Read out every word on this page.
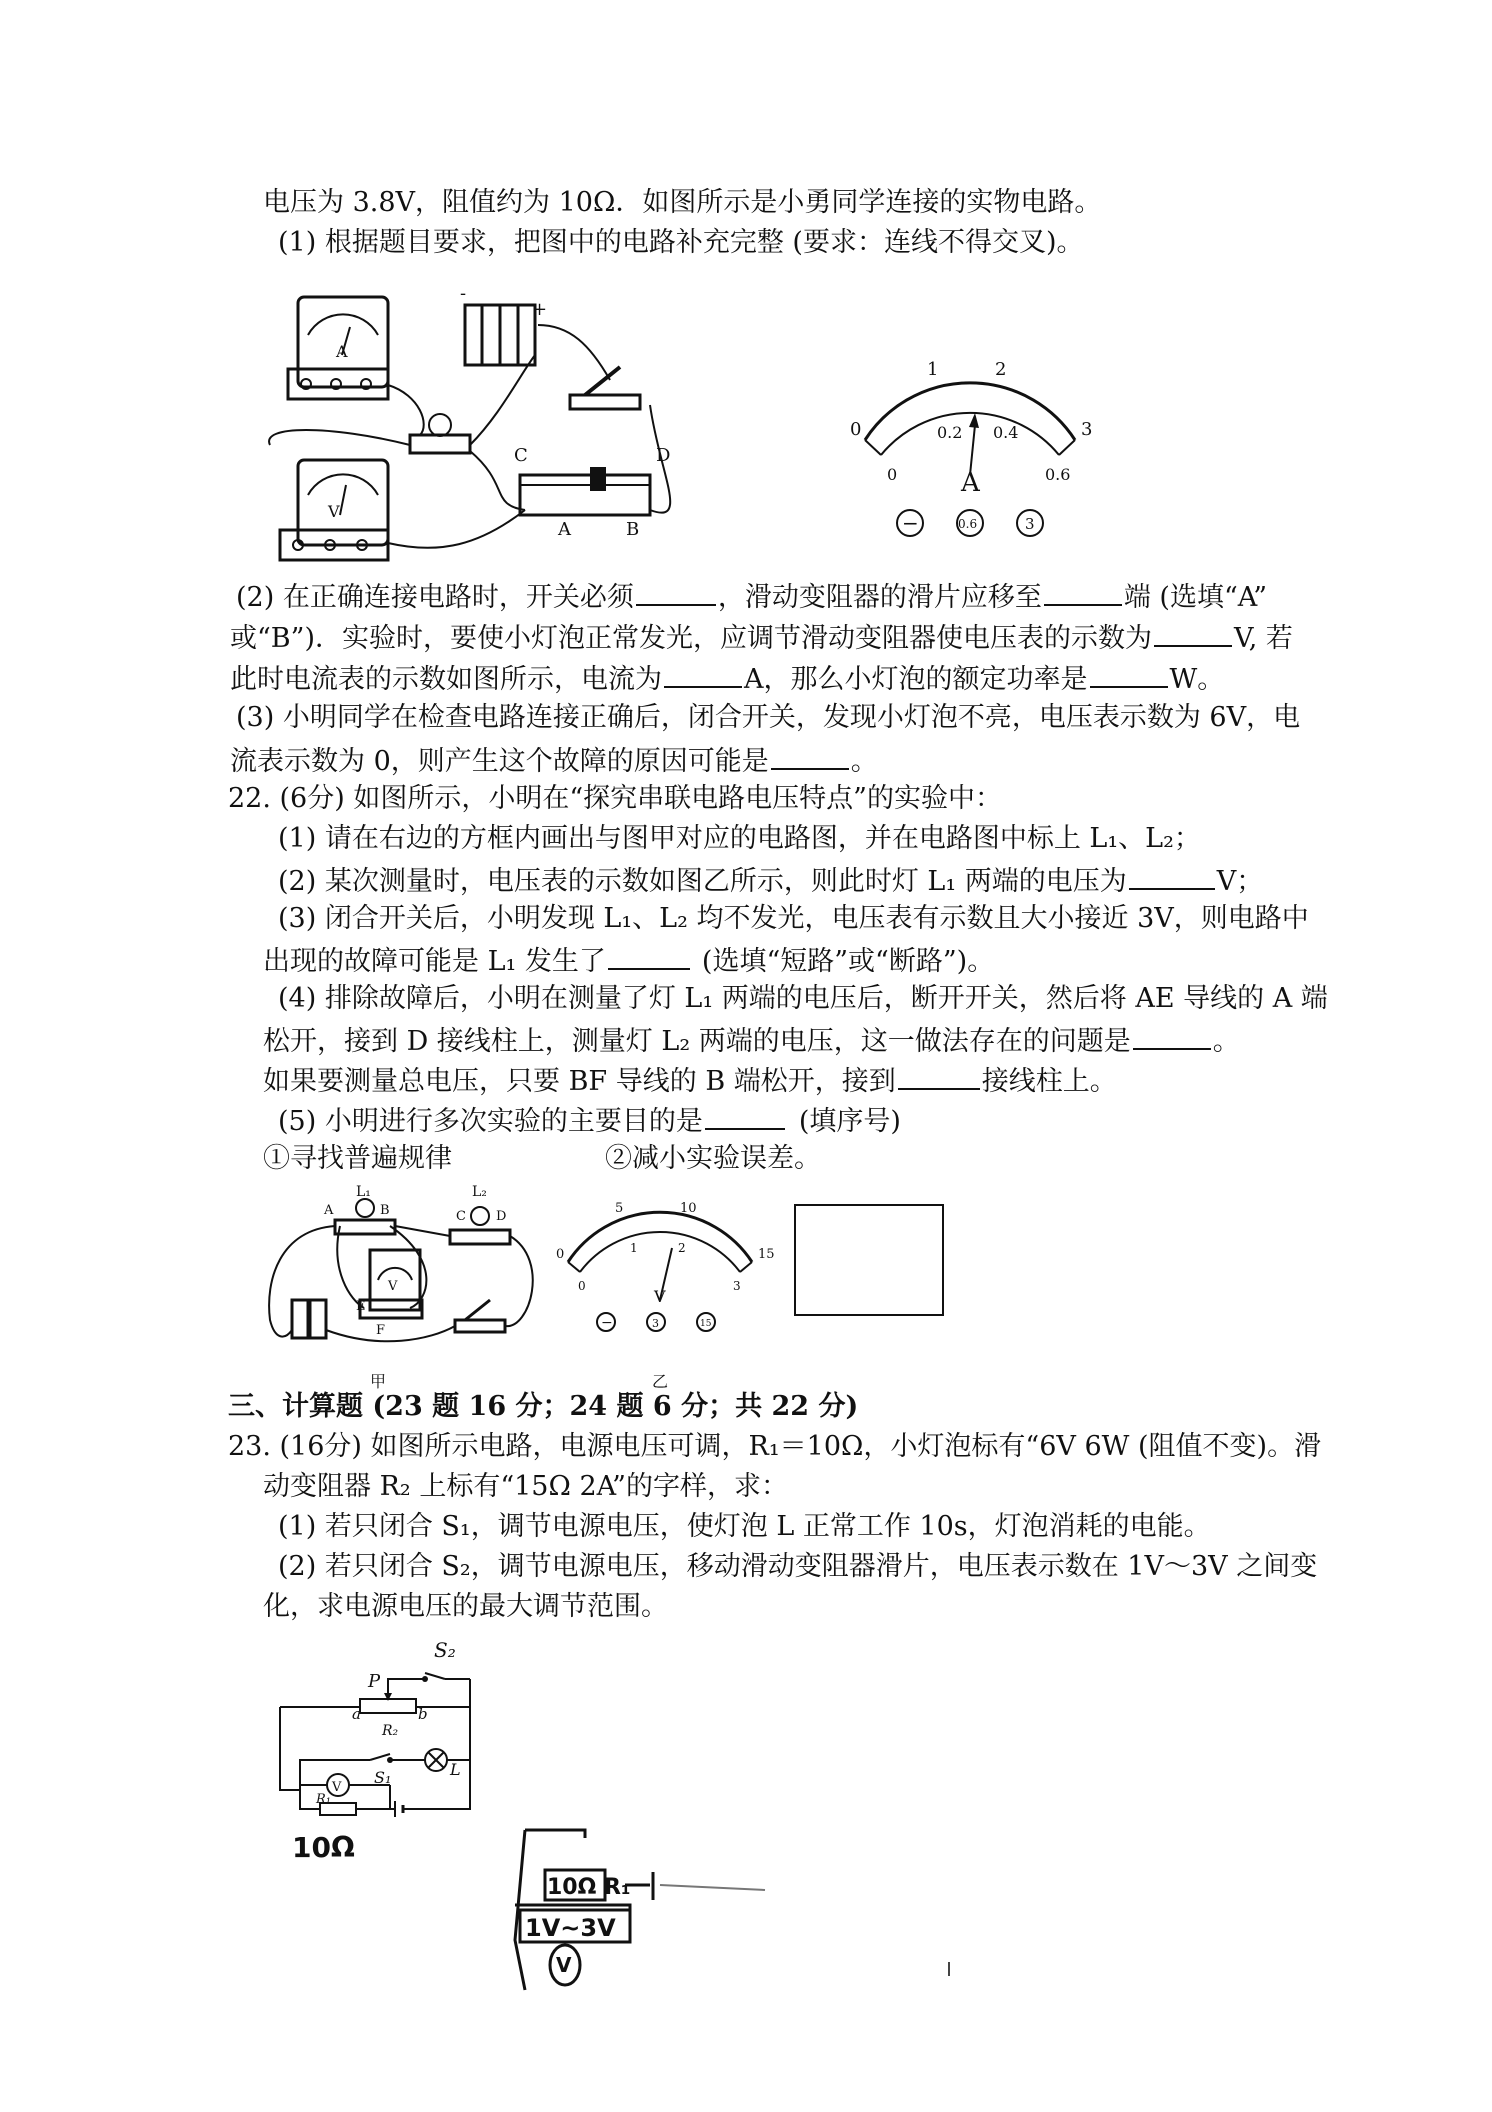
电压为 3.8V，阻值约为 10Ω．如图所示是小勇同学连接的实物电路。
(1) 根据题目要求，把图中的电路补充完整 (要求：连线不得交叉)。
A
V
-
+
C	D
A	B
0
1	2
3
0
0.2 0.4
0.6
A
−	0.6	3
(2) 在正确连接电路时，开关必须	，滑动变阻器的滑片应移至	端 (选填“A”
或“B”)．实验时，要使小灯泡正常发光，应调节滑动变阻器使电压表的示数为	V, 若
此时电流表的示数如图所示，电流为	A，那么小灯泡的额定功率是	W。
(3) 小明同学在检查电路连接正确后，闭合开关，发现小灯泡不亮，电压表示数为 6V，电
流表示数为 0，则产生这个故障的原因可能是	。
22. (6分) 如图所示，小明在“探究串联电路电压特点”的实验中：
(1) 请在右边的方框内画出与图甲对应的电路图，并在电路图中标上 L₁、L₂；
(2) 某次测量时，电压表的示数如图乙所示，则此时灯 L₁ 两端的电压为	V；
(3) 闭合开关后，小明发现 L₁、L₂ 均不发光，电压表有示数且大小接近 3V，则电路中
出现的故障可能是 L₁ 发生了	(选填“短路”或“断路”)。
(4) 排除故障后，小明在测量了灯 L₁ 两端的电压后，断开开关，然后将 AE 导线的 A 端
松开，接到 D 接线柱上，测量灯 L₂ 两端的电压，这一做法存在的问题是	。
如果要测量总电压，只要 BF 导线的 B 端松开，接到	接线柱上。
(5) 小明进行多次实验的主要目的是	(填序号)
①寻找普遍规律	②减小实验误差。
L₁
A	B
L₂
C D
V
E
F
甲
0
5	10
15
0
1	2
3
V
−	3	15
乙
三、计算题 (23 题 16 分；24 题 6 分；共 22 分)
23. (16分) 如图所示电路，电源电压可调，R₁＝10Ω，小灯泡标有“6V 6W (阻值不变)。滑
动变阻器 R₂ 上标有“15Ω 2A”的字样，求：
(1) 若只闭合 S₁，调节电源电压，使灯泡 L 正常工作 10s，灯泡消耗的电能。
(2) 若只闭合 S₂，调节电源电压，移动滑动变阻器滑片，电压表示数在 1V～3V 之间变
化，求电源电压的最大调节范围。
S₂
P
a
R₂
b
S₁	L
R₁
V
10Ω
10Ω R₁
1V~3V
V
